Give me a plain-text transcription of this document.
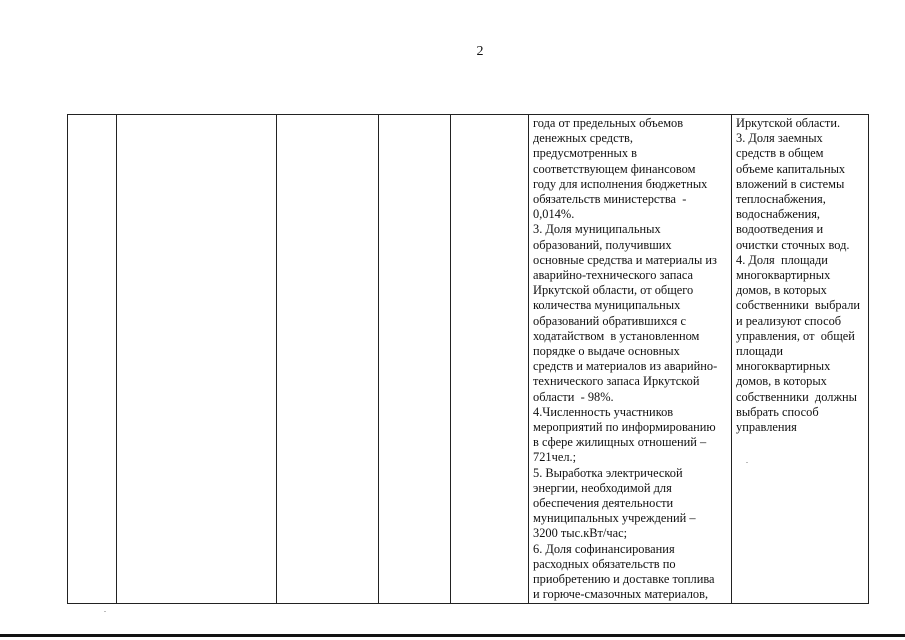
2

года от предельных объемов
денежных средств,
предусмотренных в
соответствующем финансовом
году для исполнения бюджетных
обязательств министерства  -
0,014%.
3. Доля муниципальных
образований, получивших
основные средства и материалы из
аварийно-технического запаса
Иркутской области, от общего
количества муниципальных
образований обратившихся с
ходатайством  в установленном
порядке о выдаче основных
средств и материалов из аварийно-
технического запаса Иркутской
области  - 98%.
4.Численность участников
мероприятий по информированию
в сфере жилищных отношений –
721чел.;
5. Выработка электрической
энергии, необходимой для
обеспечения деятельности
муниципальных учреждений –
3200 тыс.кВт/час;
6. Доля софинансирования
расходных обязательств по
приобретению и доставке топлива
и горюче-смазочных материалов,

Иркутской области.
3. Доля заемных
средств в общем
объеме капитальных
вложений в системы
теплоснабжения,
водоснабжения,
водоотведения и
очистки сточных вод.
4. Доля  площади
многоквартирных
домов, в которых
собственники  выбрали
и реализуют способ
управления, от  общей
площади
многоквартирных
домов, в которых
собственники  должны
выбрать способ
управления
